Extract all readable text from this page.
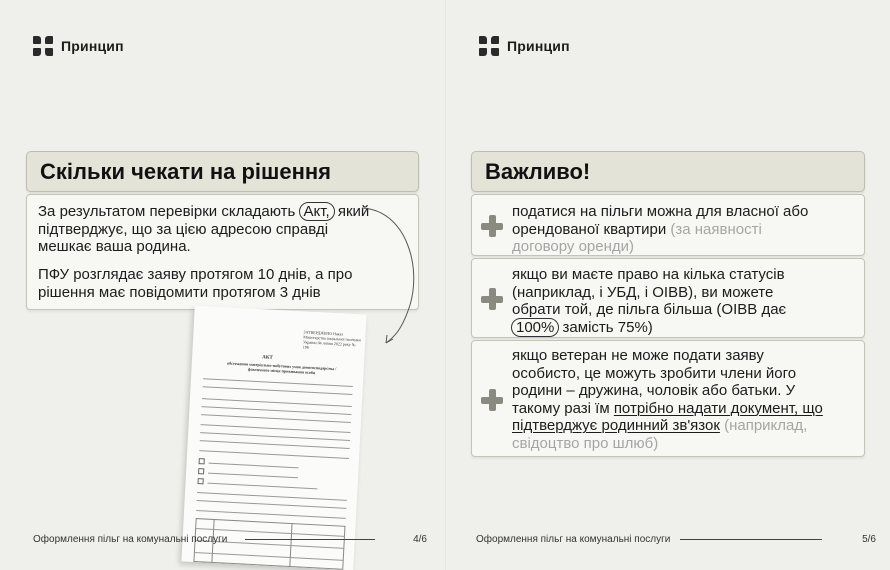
Принцип
Скільки чекати на рішення
За результатом перевірки складають Акт, який підтверджує, що за цією адресою справді мешкає ваша родина.
ПФУ розглядає заяву протягом 10 днів, а про рішення має повідомити протягом 3 днів
ЗАТВЕРДЖЕНО Наказ Міністерства соціальної політики України 04 липня 2022 року № 196
АКТ
обстеження матеріально-побутових умов домогосподарства / фактичного місця проживання особи
Оформлення пільг на комунальні послуги	4/6
Принцип
Важливо!
податися на пільги можна для власної або орендованої квартири (за наявності договору оренди)
якщо ви маєте право на кілька статусів (наприклад, і УБД, і ОІВВ), ви можете обрати той, де пільга більша (ОІВВ дає 100% замість 75%)
якщо ветеран не може подати заяву особисто, це можуть зробити члени його родини – дружина, чоловік або батьки. У такому разі їм потрібно надати документ, що підтверджує родинний зв'язок (наприклад, свідоцтво про шлюб)
Оформлення пільг на комунальні послуги	5/6
